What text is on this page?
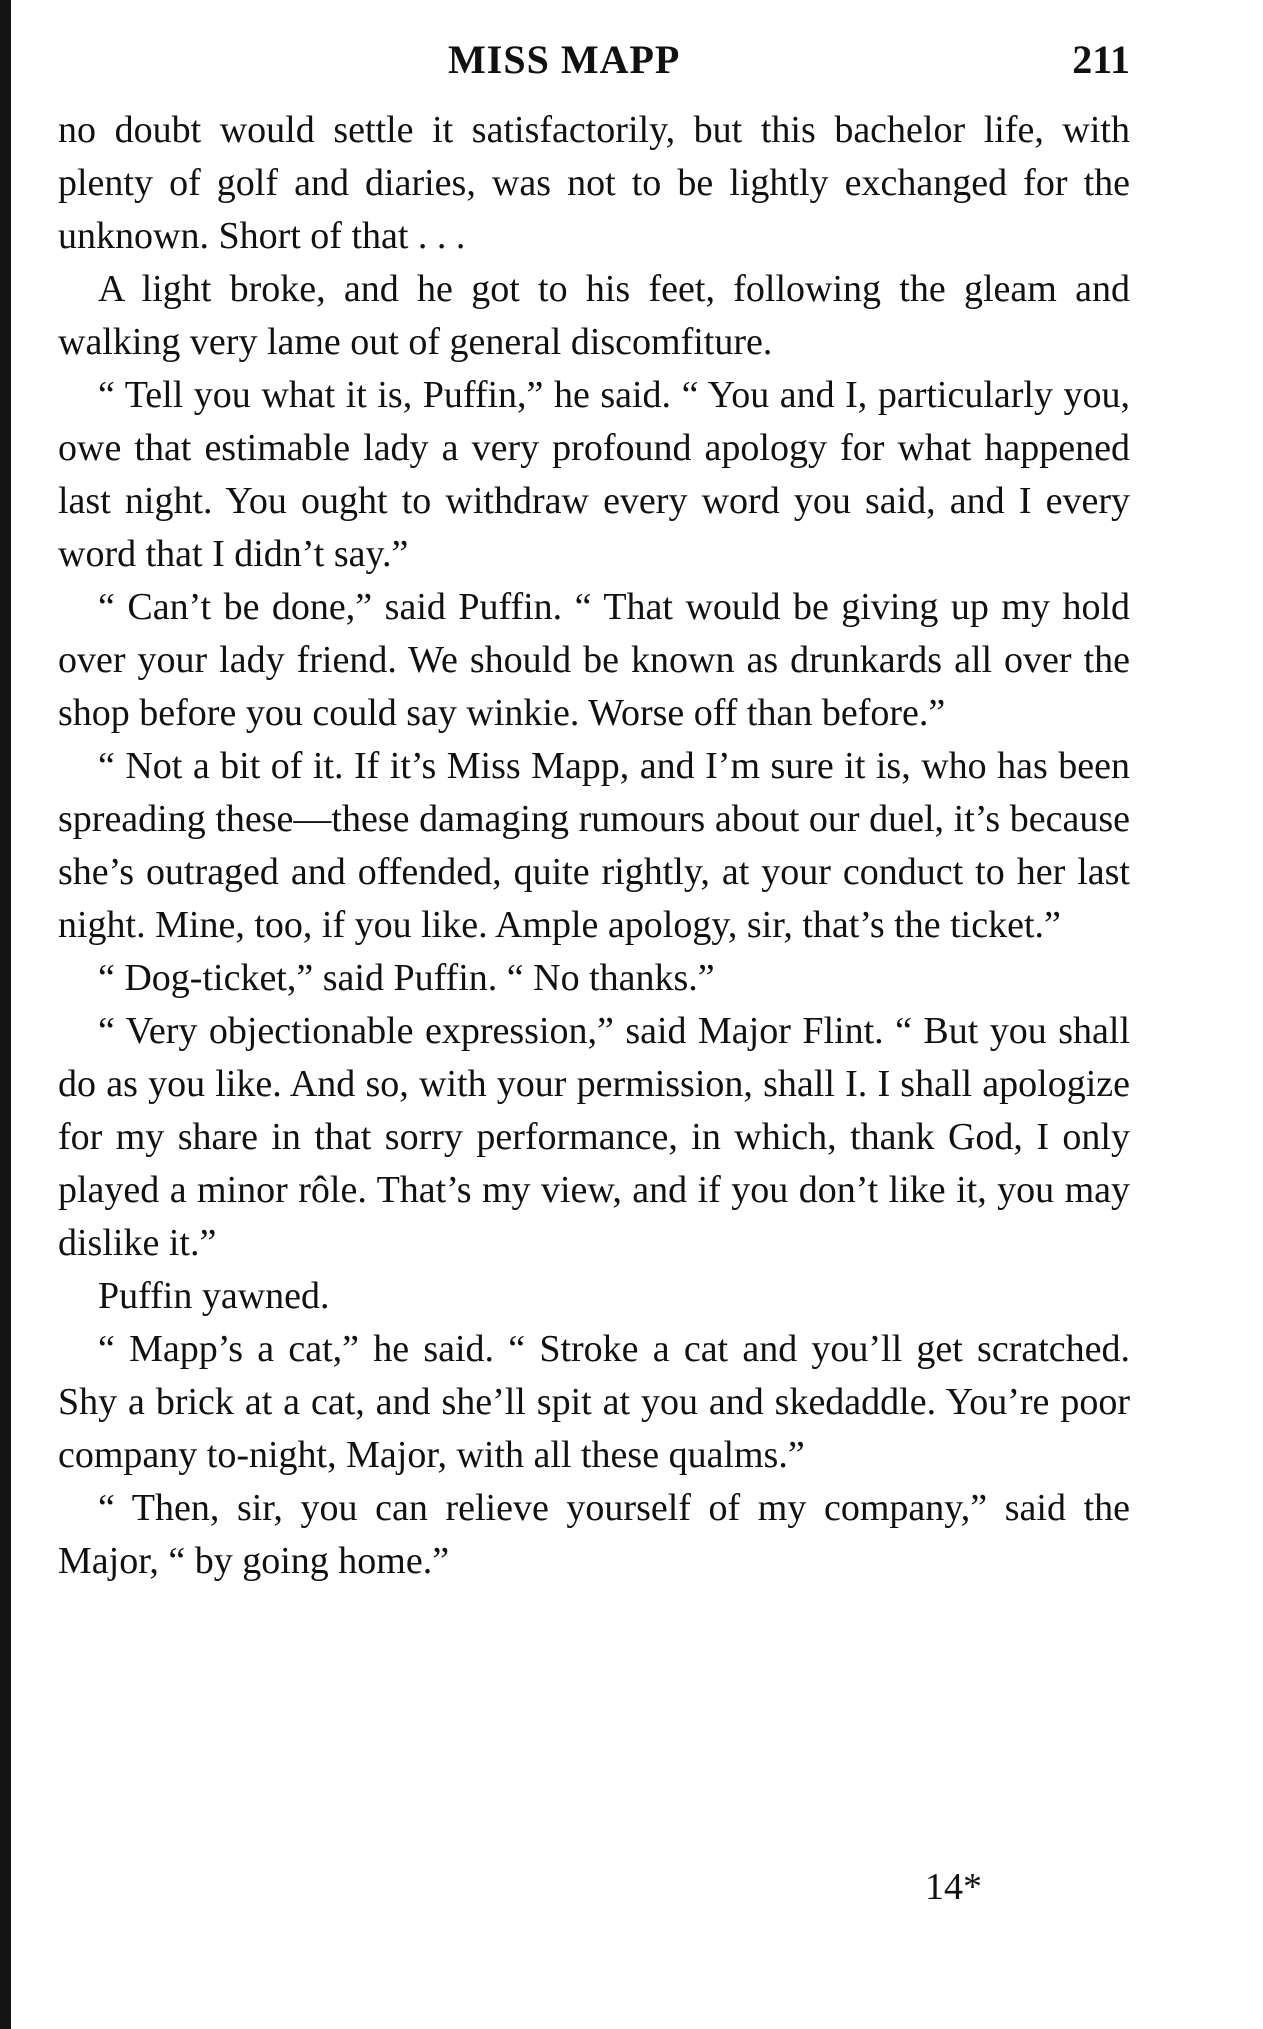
MISS MAPP	211

no doubt would settle it satisfactorily, but this bachelor life, with plenty of golf and diaries, was not to be lightly exchanged for the unknown. Short of that . . .

A light broke, and he got to his feet, following the gleam and walking very lame out of general discomfiture.

“ Tell you what it is, Puffin,” he said. “ You and I, particularly you, owe that estimable lady a very profound apology for what happened last night. You ought to withdraw every word you said, and I every word that I didn’t say.”

“ Can’t be done,” said Puffin. “ That would be giving up my hold over your lady friend. We should be known as drunkards all over the shop before you could say winkie. Worse off than before.”

“ Not a bit of it. If it’s Miss Mapp, and I’m sure it is, who has been spreading these—these damaging rumours about our duel, it’s because she’s outraged and offended, quite rightly, at your conduct to her last night. Mine, too, if you like. Ample apology, sir, that’s the ticket.”

“ Dog-ticket,” said Puffin. “ No thanks.”

“ Very objectionable expression,” said Major Flint. “ But you shall do as you like. And so, with your permission, shall I. I shall apologize for my share in that sorry performance, in which, thank God, I only played a minor rôle. That’s my view, and if you don’t like it, you may dislike it.”

Puffin yawned.

“ Mapp’s a cat,” he said. “ Stroke a cat and you’ll get scratched. Shy a brick at a cat, and she’ll spit at you and skedaddle. You’re poor company to-night, Major, with all these qualms.”

“ Then, sir, you can relieve yourself of my company,” said the Major, “ by going home.”

14*
